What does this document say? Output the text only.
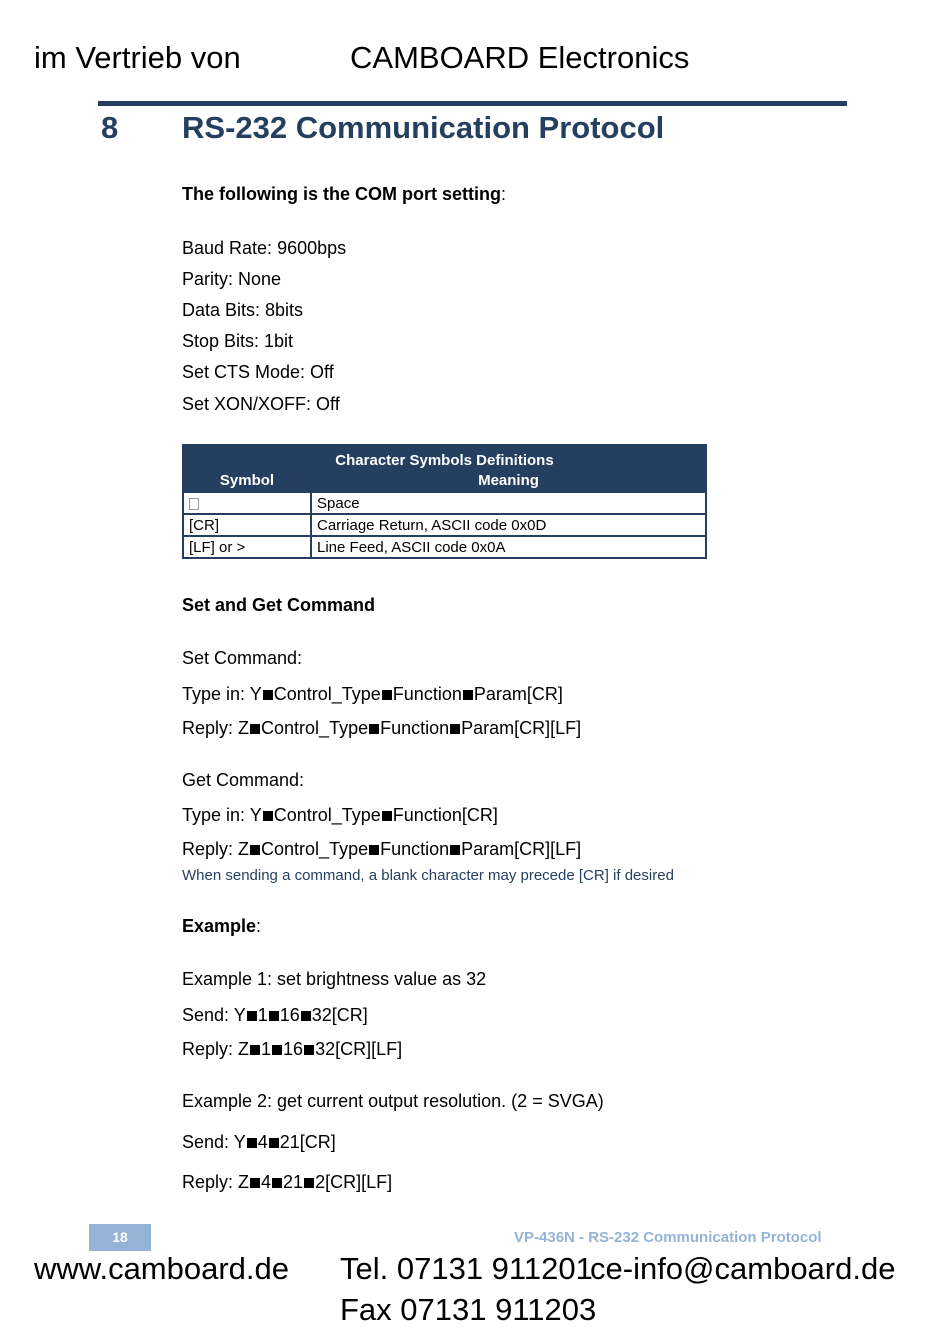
im Vertrieb von	CAMBOARD Electronics
8 RS-232 Communication Protocol
The following is the COM port setting:
Baud Rate: 9600bps
Parity: None
Data Bits: 8bits
Stop Bits: 1bit
Set CTS Mode: Off
Set XON/XOFF: Off
Character Symbols Definitions	
Symbol	Meaning
	Space
[CR]	Carriage Return, ASCII code 0x0D
[LF] or >	Line Feed, ASCII code 0x0A
Set and Get Command
Set Command:
Type in: Y Control_Type Function Param[CR]
Reply: Z Control_Type Function Param[CR][LF]
Get Command:
Type in: Y Control_Type Function[CR]
Reply: Z Control_Type Function Param[CR][LF]
When sending a command, a blank character may precede [CR] if desired
Example:
Example 1: set brightness value as 32
Send: Y 1 16 32[CR]
Reply: Z 1 16 32[CR][LF]
Example 2: get current output resolution. (2 = SVGA)
Send: Y 4 21[CR]
Reply: Z 4 21 2[CR][LF]
18	VP-436N - RS-232 Communication Protocol
www.camboard.de Tel. 07131 911201
ce-info@camboard.de
Fax 07131 911203
